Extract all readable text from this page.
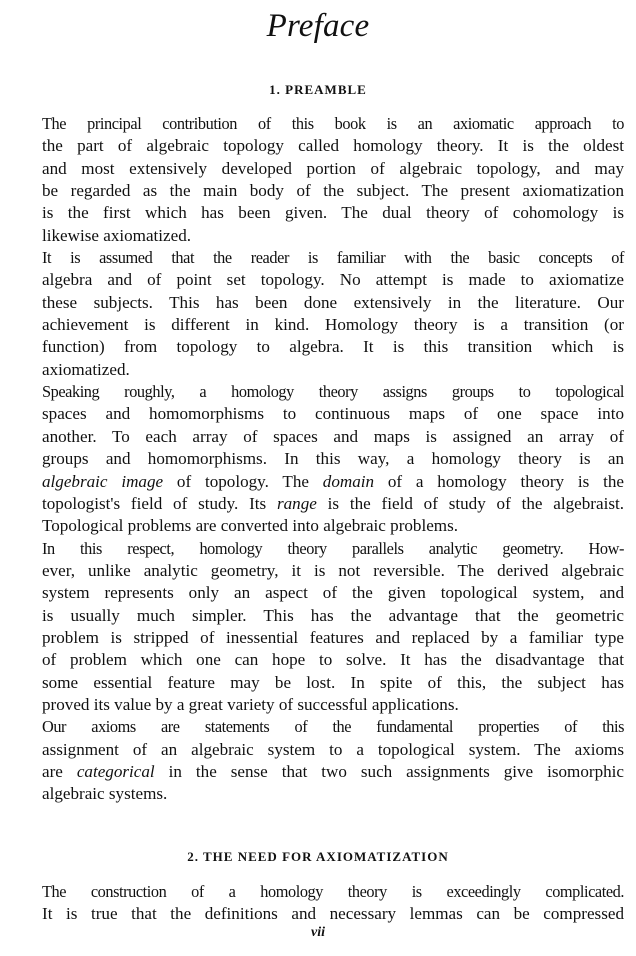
Preface
1. PREAMBLE

The principal contribution of this book is an axiomatic approach to
the part of algebraic topology called homology theory. It is the oldest
and most extensively developed portion of algebraic topology, and may
be regarded as the main body of the subject. The present axiomatization
is the first which has been given. The dual theory of cohomology is
likewise axiomatized.

It is assumed that the reader is familiar with the basic concepts of
algebra and of point set topology. No attempt is made to axiomatize
these subjects. This has been done extensively in the literature. Our
achievement is different in kind. Homology theory is a transition (or
function) from topology to algebra. It is this transition which is
axiomatized.

Speaking roughly, a homology theory assigns groups to topological
spaces and homomorphisms to continuous maps of one space into
another. To each array of spaces and maps is assigned an array of
groups and homomorphisms. In this way, a homology theory is an
algebraic image of topology. The domain of a homology theory is the
topologist's field of study. Its range is the field of study of the algebraist.
Topological problems are converted into algebraic problems.

In this respect, homology theory parallels analytic geometry. How-
ever, unlike analytic geometry, it is not reversible. The derived algebraic
system represents only an aspect of the given topological system, and
is usually much simpler. This has the advantage that the geometric
problem is stripped of inessential features and replaced by a familiar type
of problem which one can hope to solve. It has the disadvantage that
some essential feature may be lost. In spite of this, the subject has
proved its value by a great variety of successful applications.

Our axioms are statements of the fundamental properties of this
assignment of an algebraic system to a topological system. The axioms
are categorical in the sense that two such assignments give isomorphic
algebraic systems.

2. THE NEED FOR AXIOMATIZATION

The construction of a homology theory is exceedingly complicated.
It is true that the definitions and necessary lemmas can be compressed

vii
